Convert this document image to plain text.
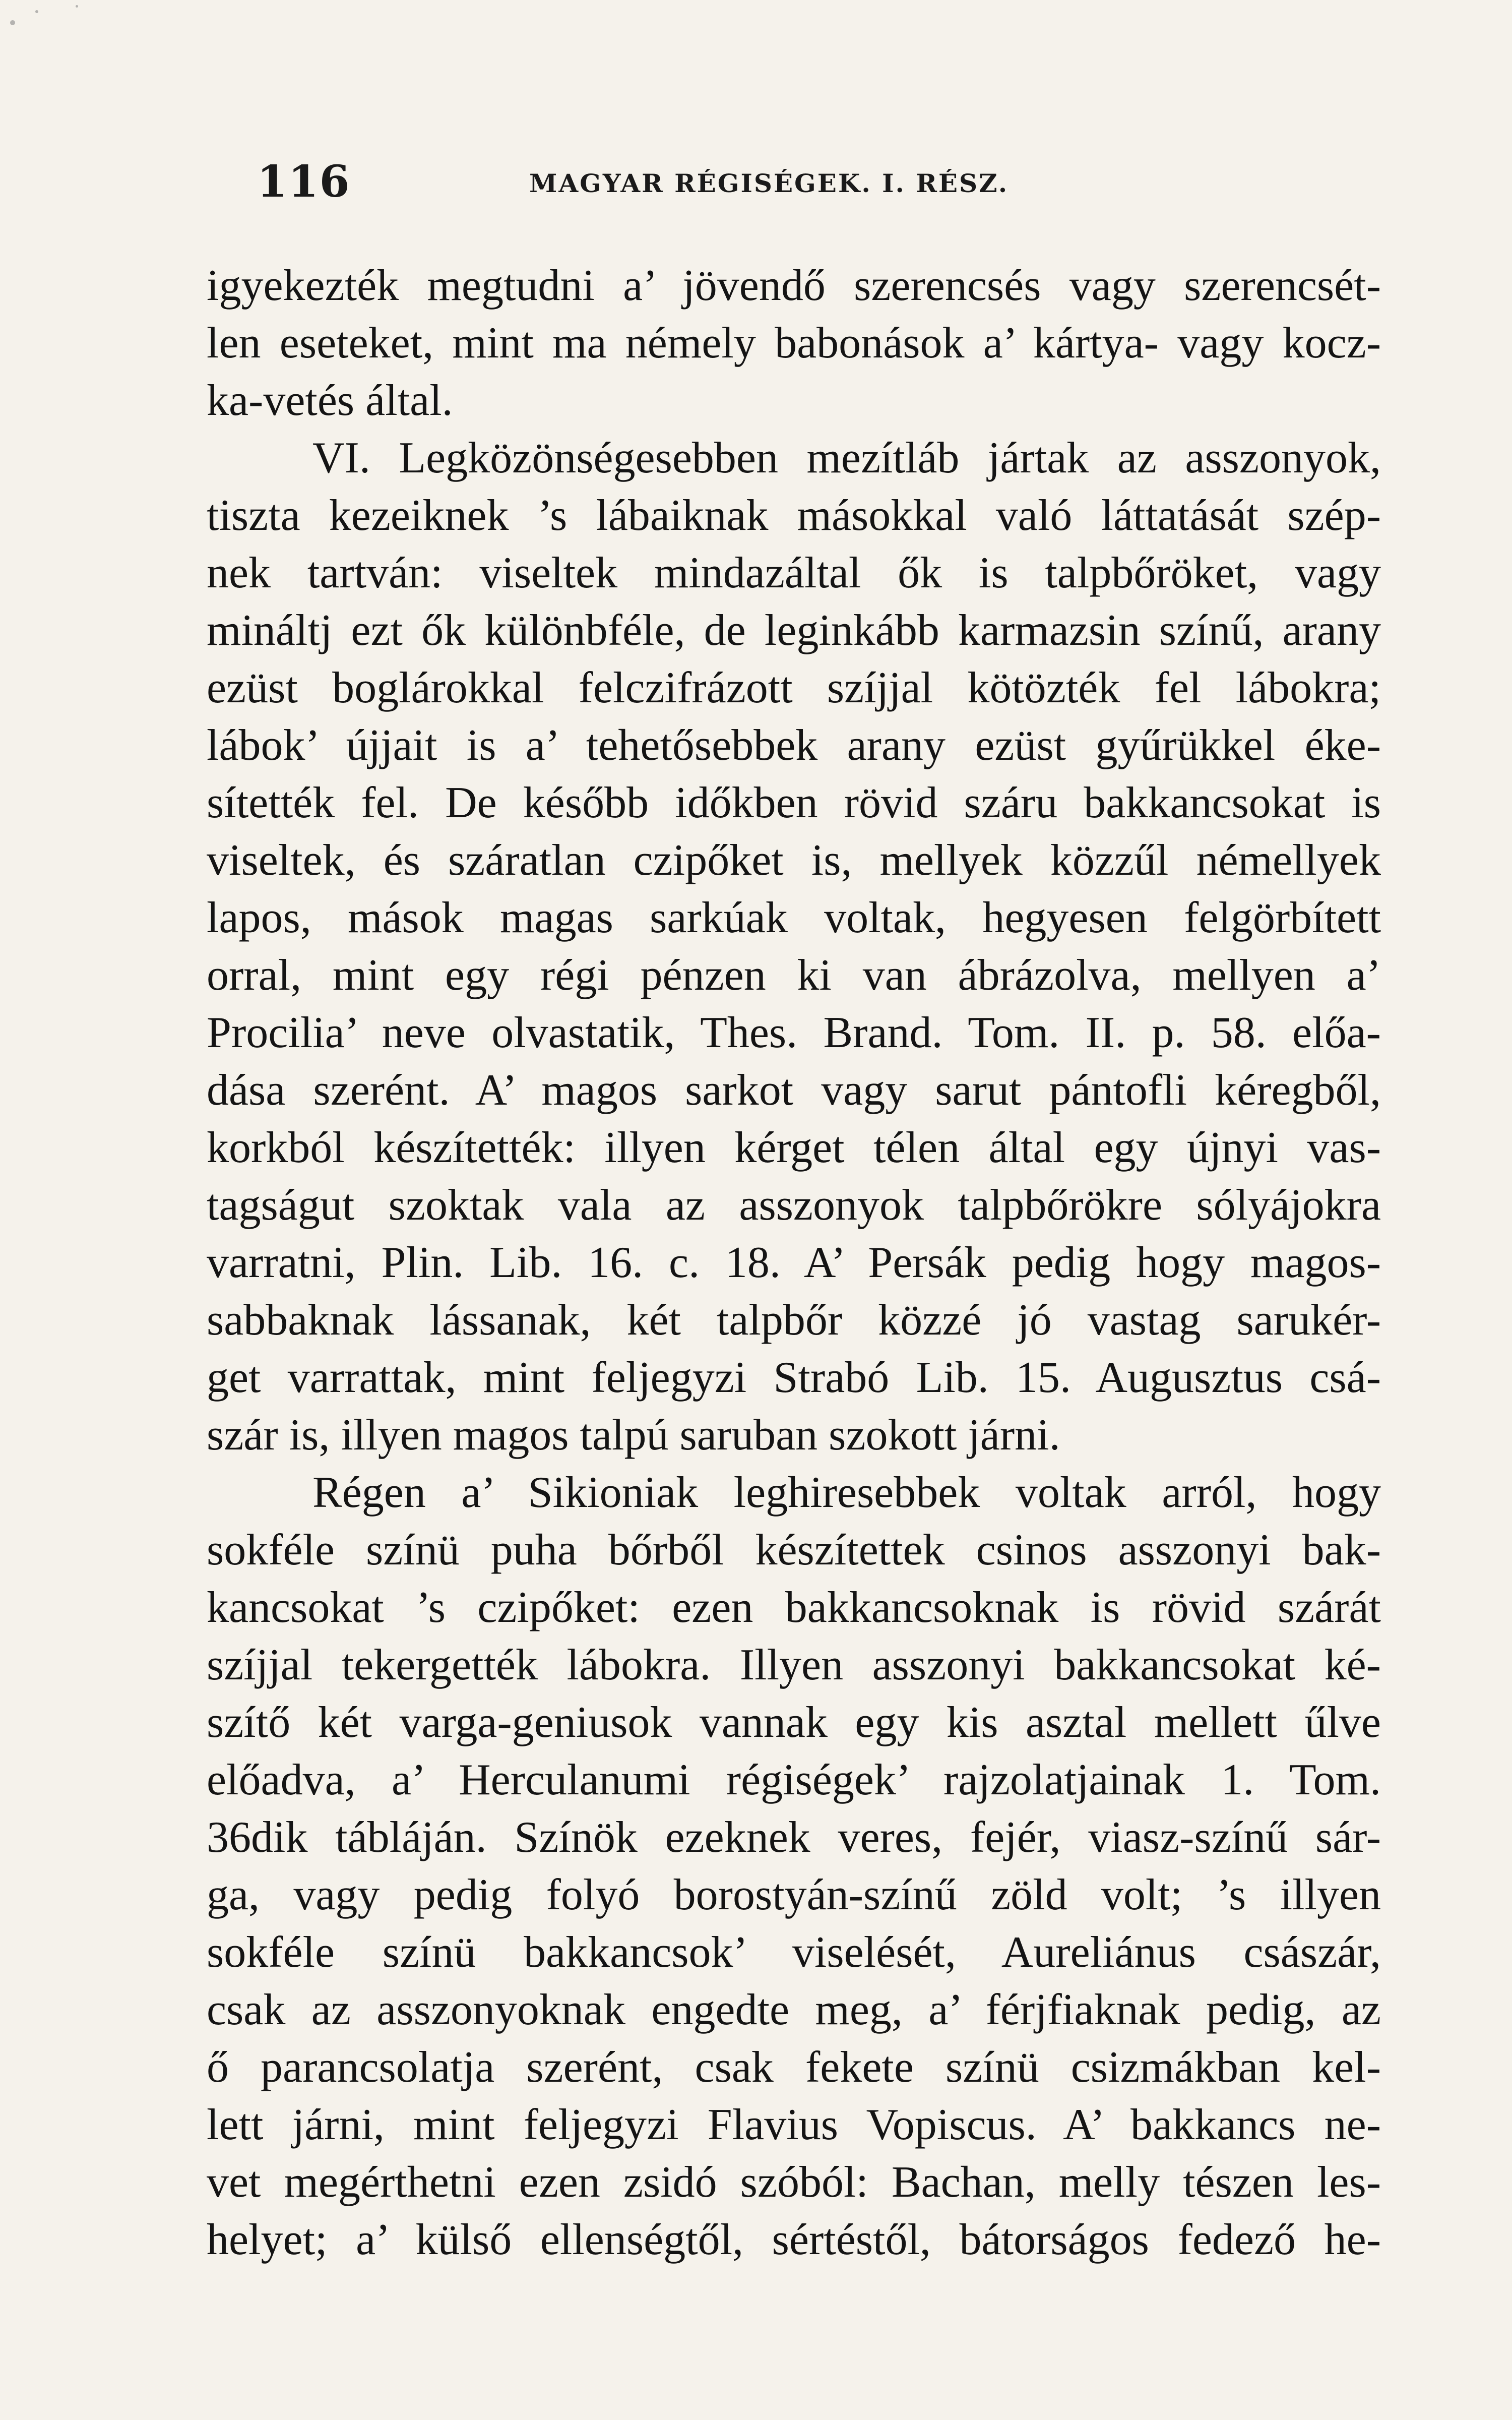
116	MAGYAR RÉGISÉGEK. I. RÉSZ.
igyekezték megtudni a’ jövendő szerencsés vagy szerencsét-
len eseteket, mint ma némely babonások a’ kártya- vagy kocz-
ka-vetés által.
VI. Legközönségesebben mezítláb jártak az asszonyok,
tiszta kezeiknek ’s lábaiknak másokkal való láttatását szép-
nek tartván: viseltek mindazáltal ők is talpbőröket, vagy
mináltj ezt ők különbféle, de leginkább karmazsin színű, arany
ezüst boglárokkal felczifrázott szíjjal kötözték fel lábokra;
lábok’ újjait is a’ tehetősebbek arany ezüst gyűrükkel éke-
sítették fel. De később időkben rövid száru bakkancsokat is
viseltek, és száratlan czipőket is, mellyek közzűl némellyek
lapos, mások magas sarkúak voltak, hegyesen felgörbített
orral, mint egy régi pénzen ki van ábrázolva, mellyen a’
Procilia’ neve olvastatik, Thes. Brand. Tom. II. p. 58. előa-
dása szerént. A’ magos sarkot vagy sarut pántofli kéregből,
korkból készítették: illyen kérget télen által egy újnyi vas-
tagságut szoktak vala az asszonyok talpbőrökre sólyájokra
varratni, Plin. Lib. 16. c. 18. A’ Persák pedig hogy magos-
sabbaknak lássanak, két talpbőr közzé jó vastag sarukér-
get varrattak, mint feljegyzi Strabó Lib. 15. Augusztus csá-
szár is, illyen magos talpú saruban szokott járni.
Régen a’ Sikioniak leghiresebbek voltak arról, hogy
sokféle színü puha bőrből készítettek csinos asszonyi bak-
kancsokat ’s czipőket: ezen bakkancsoknak is rövid szárát
szíjjal tekergették lábokra. Illyen asszonyi bakkancsokat ké-
szítő két varga-geniusok vannak egy kis asztal mellett űlve
előadva, a’ Herculanumi régiségek’ rajzolatjainak 1. Tom.
36dik tábláján. Színök ezeknek veres, fejér, viasz-színű sár-
ga, vagy pedig folyó borostyán-színű zöld volt; ’s illyen
sokféle színü bakkancsok’ viselését, Aureliánus császár,
csak az asszonyoknak engedte meg, a’ férjfiaknak pedig, az
ő parancsolatja szerént, csak fekete színü csizmákban kel-
lett járni, mint feljegyzi Flavius Vopiscus. A’ bakkancs ne-
vet megérthetni ezen zsidó szóból: Bachan, melly tészen les-
helyet; a’ külső ellenségtől, sértéstől, bátorságos fedező he-
